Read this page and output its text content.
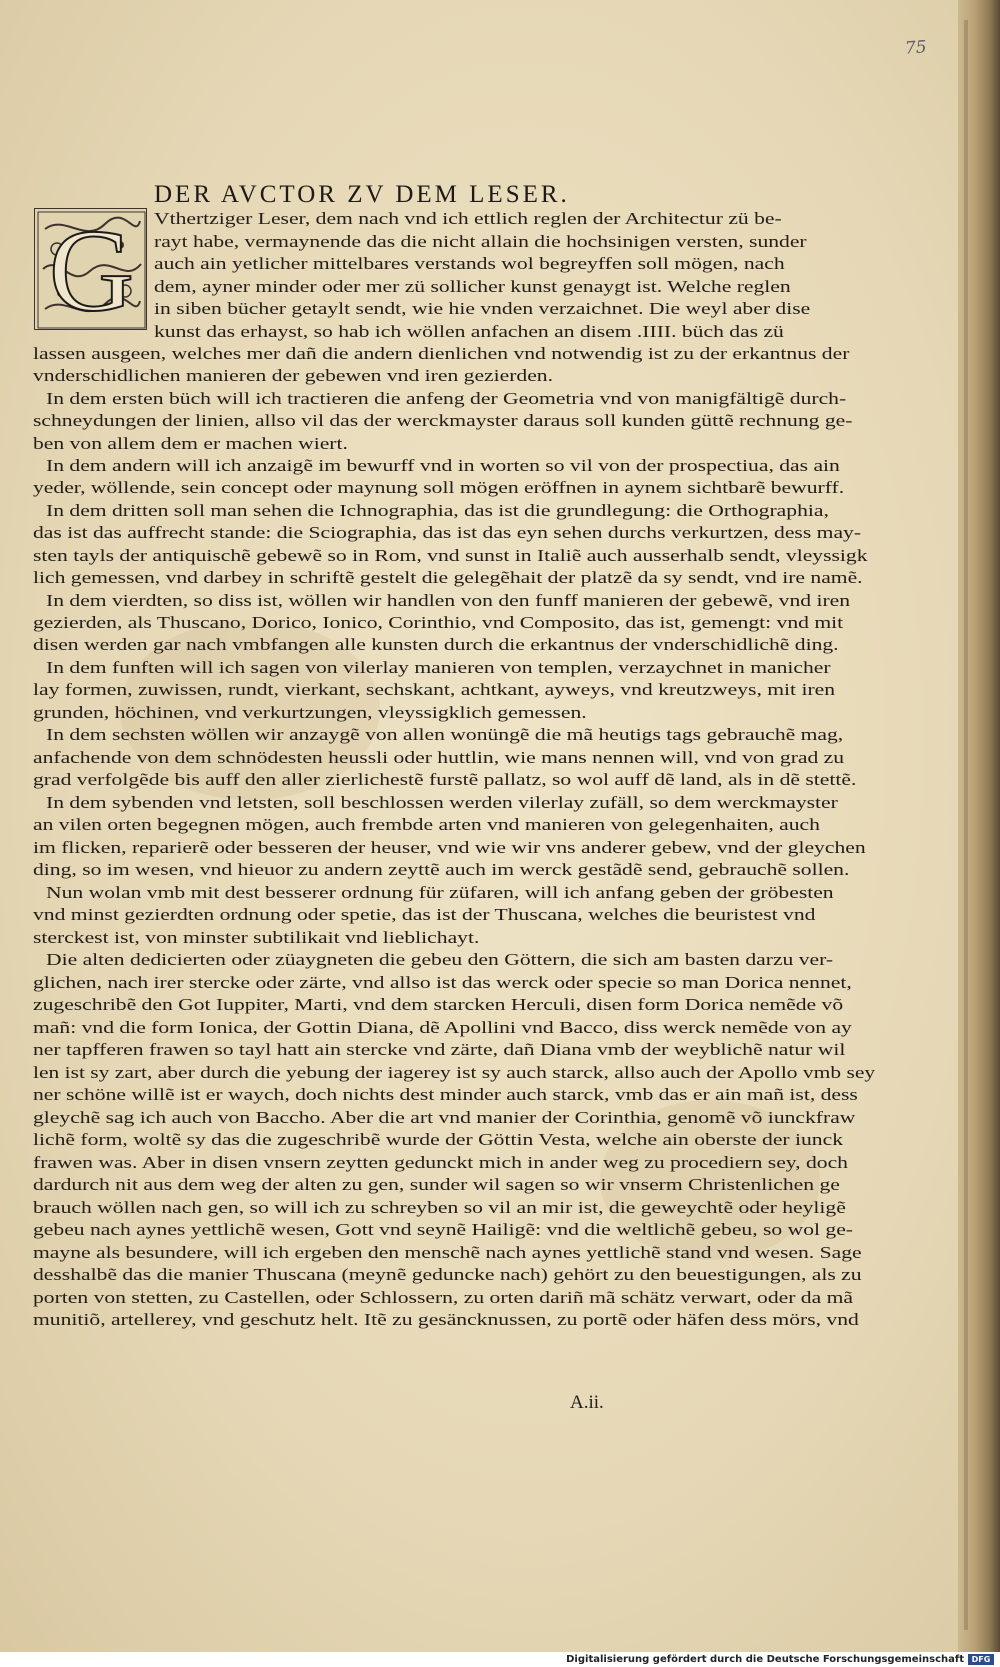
75
DER AVCTOR ZV DEM LESER.
G	Vthertziger Leser, dem nach vnd ich ettlich reglen der Architectur zü be-
rayt habe, vermaynende das die nicht allain die hochsinigen versten, sunder
auch ain yetlicher mittelbares verstands wol begreyffen soll mögen, nach
dem, ayner minder oder mer zü sollicher kunst genaygt ist. Welche reglen
in siben bücher getaylt sendt, wie hie vnden verzaichnet. Die weyl aber dise
kunst das erhayst, so hab ich wöllen anfachen an disem .IIII. büch das zü
lassen ausgeen, welches mer dañ die andern dienlichen vnd notwendig ist zu der erkantnus der
vnderschidlichen manieren der gebewen vnd iren gezierden.
In dem ersten büch will ich tractieren die anfeng der Geometria vnd von manigfältigẽ durch-
schneydungen der linien, allso vil das der werckmayster daraus soll kunden güttẽ rechnung ge-
ben von allem dem er machen wiert.
In dem andern will ich anzaigẽ im bewurff vnd in worten so vil von der prospectiua, das ain
yeder, wöllende, sein concept oder maynung soll mögen eröffnen in aynem sichtbarẽ bewurff.
In dem dritten soll man sehen die Ichnographia, das ist die grundlegung: die Orthographia,
das ist das auffrecht stande: die Sciographia, das ist das eyn sehen durchs verkurtzen, dess may-
sten tayls der antiquischẽ gebewẽ so in Rom, vnd sunst in Italiẽ auch ausserhalb sendt, vleyssigk
lich gemessen, vnd darbey in schriftẽ gestelt die gelegẽhait der platzẽ da sy sendt, vnd ire namẽ.
In dem vierdten, so diss ist, wöllen wir handlen von den funff manieren der gebewẽ, vnd iren
gezierden, als Thuscano, Dorico, Ionico, Corinthio, vnd Composito, das ist, gemengt: vnd mit
disen werden gar nach vmbfangen alle kunsten durch die erkantnus der vnderschidlichẽ ding.
In dem funften will ich sagen von vilerlay manieren von templen, verzaychnet in manicher
lay formen, zuwissen, rundt, vierkant, sechskant, achtkant, ayweys, vnd kreutzweys, mit iren
grunden, höchinen, vnd verkurtzungen, vleyssigklich gemessen.
In dem sechsten wöllen wir anzaygẽ von allen wonüngẽ die mã heutigs tags gebrauchẽ mag,
anfachende von dem schnödesten heussli oder huttlin, wie mans nennen will, vnd von grad zu
grad verfolgẽde bis auff den aller zierlichestẽ furstẽ pallatz, so wol auff dẽ land, als in dẽ stettẽ.
In dem sybenden vnd letsten, soll beschlossen werden vilerlay zufäll, so dem werckmayster
an vilen orten begegnen mögen, auch frembde arten vnd manieren von gelegenhaiten, auch
im flicken, reparierẽ oder besseren der heuser, vnd wie wir vns anderer gebew, vnd der gleychen
ding, so im wesen, vnd hieuor zu andern zeyttẽ auch im werck gestãdẽ send, gebrauchẽ sollen.
Nun wolan vmb mit dest besserer ordnung für züfaren, will ich anfang geben der gröbesten
vnd minst gezierdten ordnung oder spetie, das ist der Thuscana, welches die beuristest vnd
sterckest ist, von minster subtilikait vnd lieblichayt.
Die alten dedicierten oder züaygneten die gebeu den Göttern, die sich am basten darzu ver-
glichen, nach irer stercke oder zärte, vnd allso ist das werck oder specie so man Dorica nennet,
zugeschribẽ den Got Iuppiter, Marti, vnd dem starcken Herculi, disen form Dorica nemẽde võ
mañ: vnd die form Ionica, der Gottin Diana, dẽ Apollini vnd Bacco, diss werck nemẽde von ay
ner tapfferen frawen so tayl hatt ain stercke vnd zärte, dañ Diana vmb der weyblichẽ natur wil
len ist sy zart, aber durch die yebung der iagerey ist sy auch starck, allso auch der Apollo vmb sey
ner schöne willẽ ist er waych, doch nichts dest minder auch starck, vmb das er ain mañ ist, dess
gleychẽ sag ich auch von Baccho. Aber die art vnd manier der Corinthia, genomẽ võ iunckfraw
lichẽ form, woltẽ sy das die zugeschribẽ wurde der Göttin Vesta, welche ain oberste der iunck
frawen was. Aber in disen vnsern zeytten gedunckt mich in ander weg zu procediern sey, doch
dardurch nit aus dem weg der alten zu gen, sunder wil sagen so wir vnserm Christenlichen ge
brauch wöllen nach gen, so will ich zu schreyben so vil an mir ist, die geweychtẽ oder heyligẽ
gebeu nach aynes yettlichẽ wesen, Gott vnd seynẽ Hailigẽ: vnd die weltlichẽ gebeu, so wol ge-
mayne als besundere, will ich ergeben den menschẽ nach aynes yettlichẽ stand vnd wesen. Sage
desshalbẽ das die manier Thuscana (meynẽ geduncke nach) gehört zu den beuestigungen, als zu
porten von stetten, zu Castellen, oder Schlossern, zu orten dariñ mã schätz verwart, oder da mã
munitiõ, artellerey, vnd geschutz helt. Itẽ zu gesäncknussen, zu portẽ oder häfen dess mörs, vnd
A.ii.
Digitalisierung gefördert durch die Deutsche Forschungsgemeinschaft DFG
